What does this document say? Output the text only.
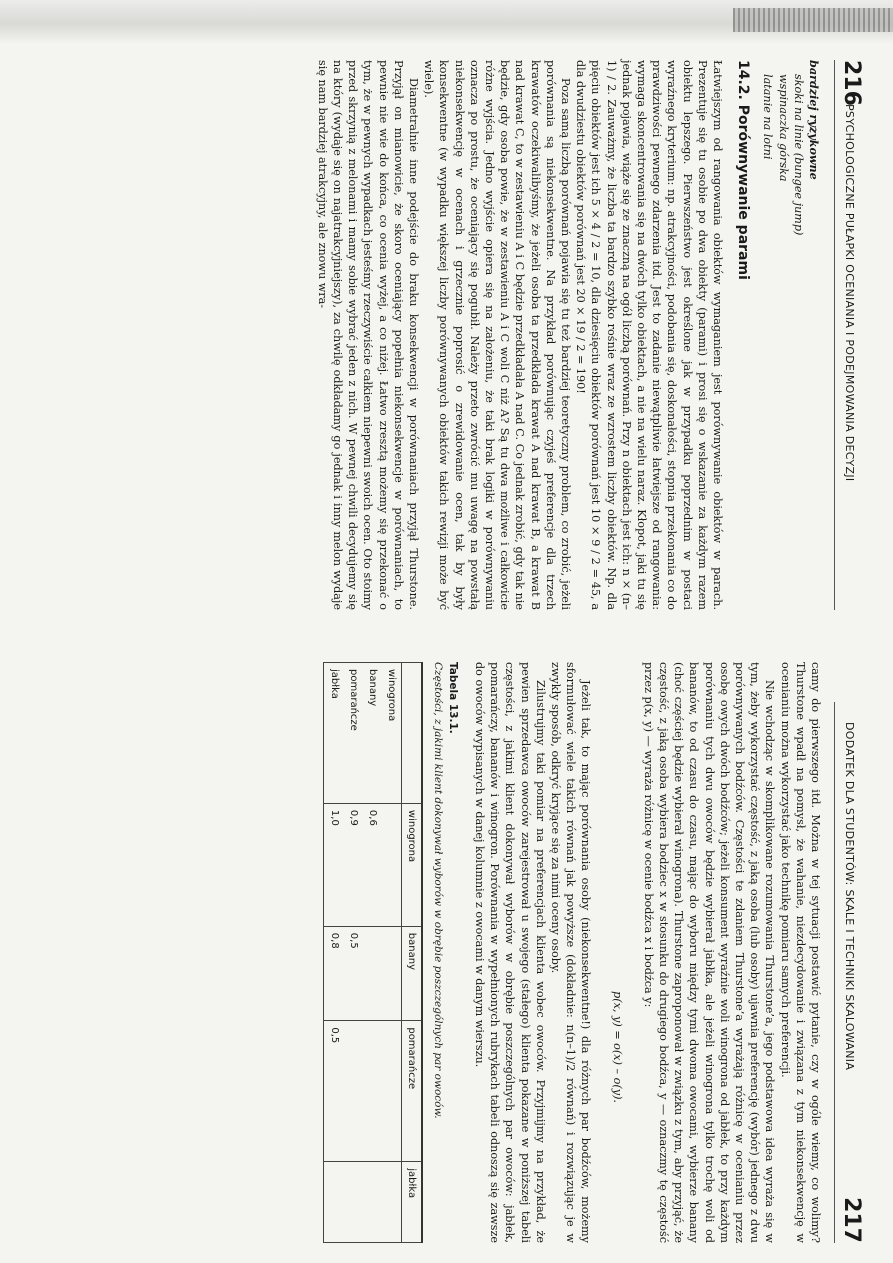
216
PSYCHOLOGICZNE PUŁAPKI OCENIANIA I PODEJMOWANIA DECYZJI
bardziej ryzykowne
skoki na linie (bungee jump)
wspinaczka górska
latanie na lotni
14.2. Porównywanie parami

Łatwiejszym od rangowania obiektów wymaganiem jest porównywanie obiektów w parach. Prezentuje się tu osobie po dwa obiekty (parami) i prosi się o wskazanie za każdym razem obiektu lepszego. Pierwszeństwo jest określone jak w przypadku poprzednim w postaci wyraźnego kryterium: np. atrakcyjności, podobania się, doskonałości, stopnia przekonania co do prawdziwości pewnego zdarzenia itd. Jest to zadanie niewątpliwie łatwiejsze od rangowania: wymaga skoncentrowania się na dwóch tylko obiektach, a nie na wielu naraz. Kłopot, jaki tu się jednak pojawia, wiąże się ze znaczną na ogół liczbą porównań. Przy n obiektach jest ich: n × (n–1) / 2. Zauważmy, że liczba ta bardzo szybko rośnie wraz ze wzrostem liczby obiektów. Np. dla pięciu obiektów jest ich 5 × 4 / 2 = 10, dla dziesięciu obiektów porównań jest 10 × 9 / 2 = 45, a dla dwudziestu obiektów porównań jest 20 × 19 / 2 = 190!

Poza samą liczbą porównań pojawia się tu też bardziej teoretyczny problem, co zrobić, jeżeli porównania są niekonsekwentne. Na przykład porównując czyjeś preferencje dla trzech krawatów oczekiwalibyśmy, że jeżeli osoba ta przedkłada krawat A nad krawat B, a krawat B nad krawat C, to w zestawieniu A i C będzie przedkładała A nad C. Co jednak zrobić, gdy tak nie będzie, gdy osoba powie, że w zestawieniu A i C woli C niż A? Są tu dwa możliwe i całkowicie różne wyjścia. Jedno wyjście opiera się na założeniu, że taki brak logiki w porównywaniu oznacza po prostu, że oceniający się pogubił. Należy przeto zwrócić mu uwagę na powstałą niekonsekwencję w ocenach i grzecznie poprosić o zrewidowanie ocen, tak by były konsekwentne (w wypadku większej liczby porównywanych obiektów takich rewizji może być wiele).

Diametralnie inne podejście do braku konsekwencji w porównaniach przyjął Thurstone. Przyjął on mianowicie, że skoro oceniający popełnia niekonsekwencje w porównaniach, to pewnie nie wie do końca, co ocenia wyżej, a co niżej. Łatwo zresztą możemy się przekonać o tym, że w pewnych wypadkach jesteśmy rzeczywiście całkiem niepewni swoich ocen. Oto stoimy przed skrzynią z melonami i mamy sobie wybrać jeden z nich. W pewnej chwili decydujemy się na który (wydaje się on najatrakcyjniejszy), za chwilę odkładamy go jednak i inny melon wydaje się nam bardziej atrakcyjny, ale znowu wra-

DODATEK DLA STUDENTÓW: SKALE I TECHNIKI SKALOWANIA
217

camy do pierwszego itd. Można w tej sytuacji postawić pytanie, czy w ogóle wiemy, co wolimy? Thurstone wpadł na pomysł, że wahanie, niezdecydowanie i związana z tym niekonsekwencję w ocenianiu można wykorzystać jako technikę pomiaru samych preferencji.

Nie wchodząc w skomplikowane rozumowania Thurstone’a, jego podstawowa idea wyraża się w tym, żeby wykorzystać częstość, z jaką osoba (lub osoby) ujawnia preferencję (wybór) jednego z dwu porównywanych bodźców. Częstości te zdaniem Thurstone’a wyrażają różnicę w ocenianiu przez osobę owych dwóch bodźców; jeżeli konsument wyraźnie woli winogrona od jabłek, to przy każdym porównaniu tych dwu owoców będzie wybierał jabłka, ale jeżeli winogrona tylko trochę woli od bananów, to od czasu do czasu, mając do wyboru między tymi dwoma owocami, wybierze banany (choć częściej będzie wybierał winogrona). Thurstone zaproponował w związku z tym, aby przyjąć, że częstość, z jaką osoba wybiera bodziec x w stosunku do drugiego bodźca, y — oznaczmy tę częstość przez p(x, y) — wyraża różnicę w ocenie bodźca x i bodźca y:

p(x, y) = o(x) – o(y).

Jeżeli tak, to mając porównania osoby (niekonsekwentne!) dla różnych par bodźców, możemy sformułować wiele takich równań jak powyższe (dokładnie: n(n–1)/2 równań) i rozwiązując je w zwykły sposób, odkryć kryjące się za nimi oceny osoby.

Zilustrujmy taki pomiar na preferencjach klienta wobec owoców. Przyjmijmy na przykład, że pewien sprzedawca owoców zarejestrował u swojego (stałego) klienta pokazane w poniższej tabeli częstości, z jakimi klient dokonywał wyborów w obrębie poszczególnych par owoców: jabłek, pomarańczy, bananów i winogron. Porównania w wypełnionych rubrykach tabeli odnoszą się zawsze do owoców wypisanych w danej kolumnie z owocami w danym wierszu.

Tabela 13.1.
Częstości, z jakimi klient dokonywał wyborów w obrębie poszczególnych par owoców.
	winogrona	banany	pomarańcze	jabłka
winogrona				
banany	0,6			
pomarańcze	0,9	0,5		
jabłka	1,0	0,8	0,5	
